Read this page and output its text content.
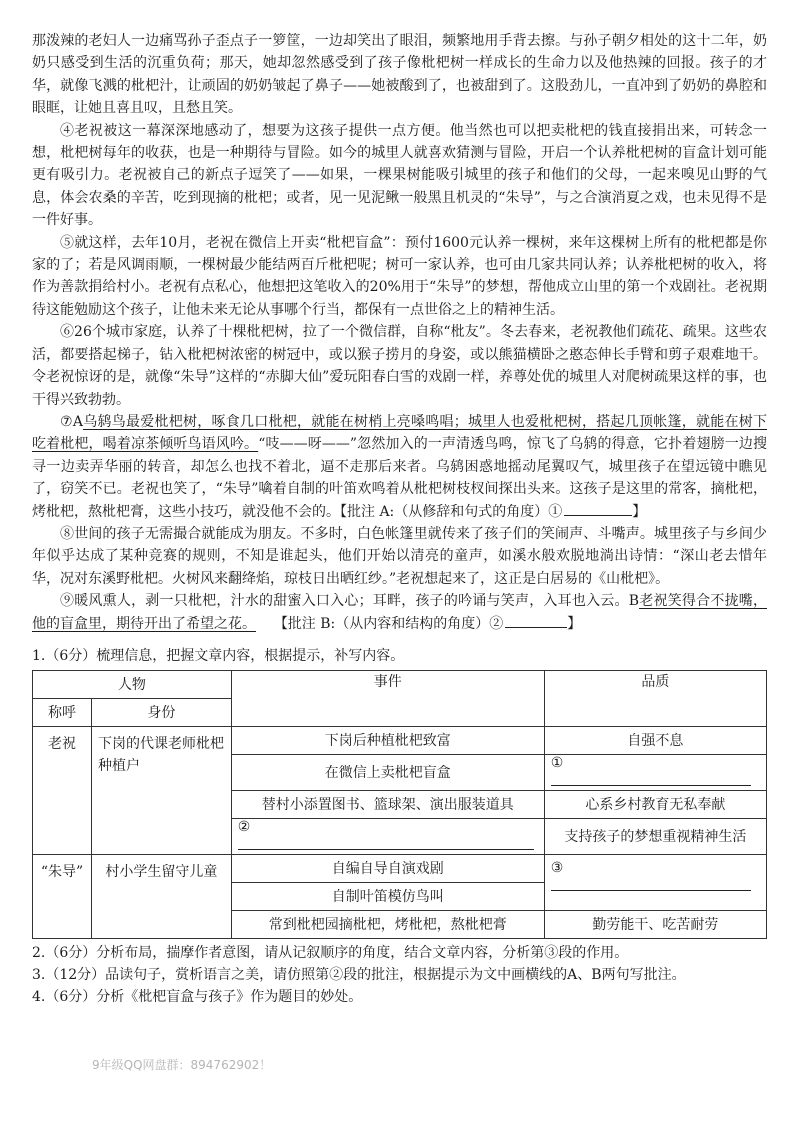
那泼辣的老妇人一边痛骂孙子歪点子一箩筐，一边却笑出了眼泪，频繁地用手背去擦。与孙子朝夕相处的这十二年，奶奶只感受到生活的沉重负荷；那天，她却忽然感受到了孩子像枇杷树一样成长的生命力以及他热辣的回报。孩子的才华，就像飞溅的枇杷汁，让顽固的奶奶皱起了鼻子——她被酸到了，也被甜到了。这股劲儿，一直冲到了奶奶的鼻腔和眼眶，让她且喜且叹，且愁且笑。

④老祝被这一幕深深地感动了，想要为这孩子提供一点方便。他当然也可以把卖枇杷的钱直接捐出来，可转念一想，枇杷树每年的收获，也是一种期待与冒险。如今的城里人就喜欢猜测与冒险，开启一个认养枇杷树的盲盒计划可能更有吸引力。老祝被自己的新点子逗笑了——如果，一棵果树能吸引城里的孩子和他们的父母，一起来嗅见山野的气息，体会农桑的辛苦，吃到现摘的枇杷；或者，见一见泥鳅一般黑且机灵的“朱导”，与之合演消夏之戏，也未见得不是一件好事。

⑤就这样，去年10月，老祝在微信上开卖“枇杷盲盒”：预付1600元认养一棵树，来年这棵树上所有的枇杷都是你家的了；若是风调雨顺，一棵树最少能结两百斤枇杷呢；树可一家认养，也可由几家共同认养；认养枇杷树的收入，将作为善款捐给村小。老祝有点私心，他想把这笔收入的20%用于“朱导”的梦想，帮他成立山里的第一个戏剧社。老祝期待这能勉励这个孩子，让他未来无论从事哪个行当，都保有一点世俗之上的精神生活。

⑥26个城市家庭，认养了十棵枇杷树，拉了一个微信群，自称“枇友”。冬去春来，老祝教他们疏花、疏果。这些农活，都要搭起梯子，钻入枇杷树浓密的树冠中，或以猴子捞月的身姿，或以熊猫横卧之憨态伸长手臂和剪子艰难地干。令老祝惊讶的是，就像“朱导”这样的“赤脚大仙”爱玩阳春白雪的戏剧一样，养尊处优的城里人对爬树疏果这样的事，也干得兴致勃勃。

⑦A乌鸫鸟最爱枇杷树，啄食几口枇杷，就能在树梢上亮嗓鸣唱；城里人也爱枇杷树，搭起几顶帐篷，就能在树下吃着枇杷，喝着凉茶倾听鸟语风吟。“吱——呀——”忽然加入的一声清透鸟鸣，惊飞了乌鸫的得意，它扑着翅膀一边搜寻一边卖弄华丽的转音，却怎么也找不着北，逼不走那后来者。乌鸫困惑地摇动尾翼叹气，城里孩子在望远镜中瞧见了，窃笑不已。老祝也笑了，“朱导”噙着自制的叶笛欢鸣着从枇杷树枝杈间探出头来。这孩子是这里的常客，摘枇杷，烤枇杷，熬枇杷膏，这些小技巧，就没他不会的。【批注 A:（从修辞和句式的角度）①	】

⑧世间的孩子无需撮合就能成为朋友。不多时，白色帐篷里就传来了孩子们的笑闹声、斗嘴声。城里孩子与乡间少年似乎达成了某种竞赛的规则，不知是谁起头，他们开始以清亮的童声，如溪水般欢脱地淌出诗情：“深山老去惜年华，况对东溪野枇杷。火树风来翻绛焰，琼枝日出晒红纱。”老祝想起来了，这正是白居易的《山枇杷》。

⑨暖风熏人，剥一只枇杷，汁水的甜蜜入口入心；耳畔，孩子的吟诵与笑声，入耳也入云。B老祝笑得合不拢嘴，他的盲盒里，期待开出了希望之花。 【批注 B:（从内容和结构的角度）②	】

1.（6分）梳理信息，把握文章内容，根据提示，补写内容。

人物		事件	品质
称呼	身份		
老祝	下岗的代课老师枇杷种植户	下岗后种植枇杷致富	自强不息
		在微信上卖枇杷盲盒	①
		替村小添置图书、篮球架、演出服装道具	心系乡村教育无私奉献
		②	支持孩子的梦想重视精神生活
“朱导”	村小学生留守儿童	自编自导自演戏剧	③
		自制叶笛模仿鸟叫	
		常到枇杷园摘枇杷，烤枇杷，熬枇杷膏	勤劳能干、吃苦耐劳

2.（6分）分析布局，揣摩作者意图，请从记叙顺序的角度，结合文章内容，分析第③段的作用。

3.（12分）品读句子，赏析语言之美，请仿照第②段的批注，根据提示为文中画横线的A、B两句写批注。

4.（6分）分析《枇杷盲盒与孩子》作为题目的妙处。

9年级QQ网盘群：894762902！
